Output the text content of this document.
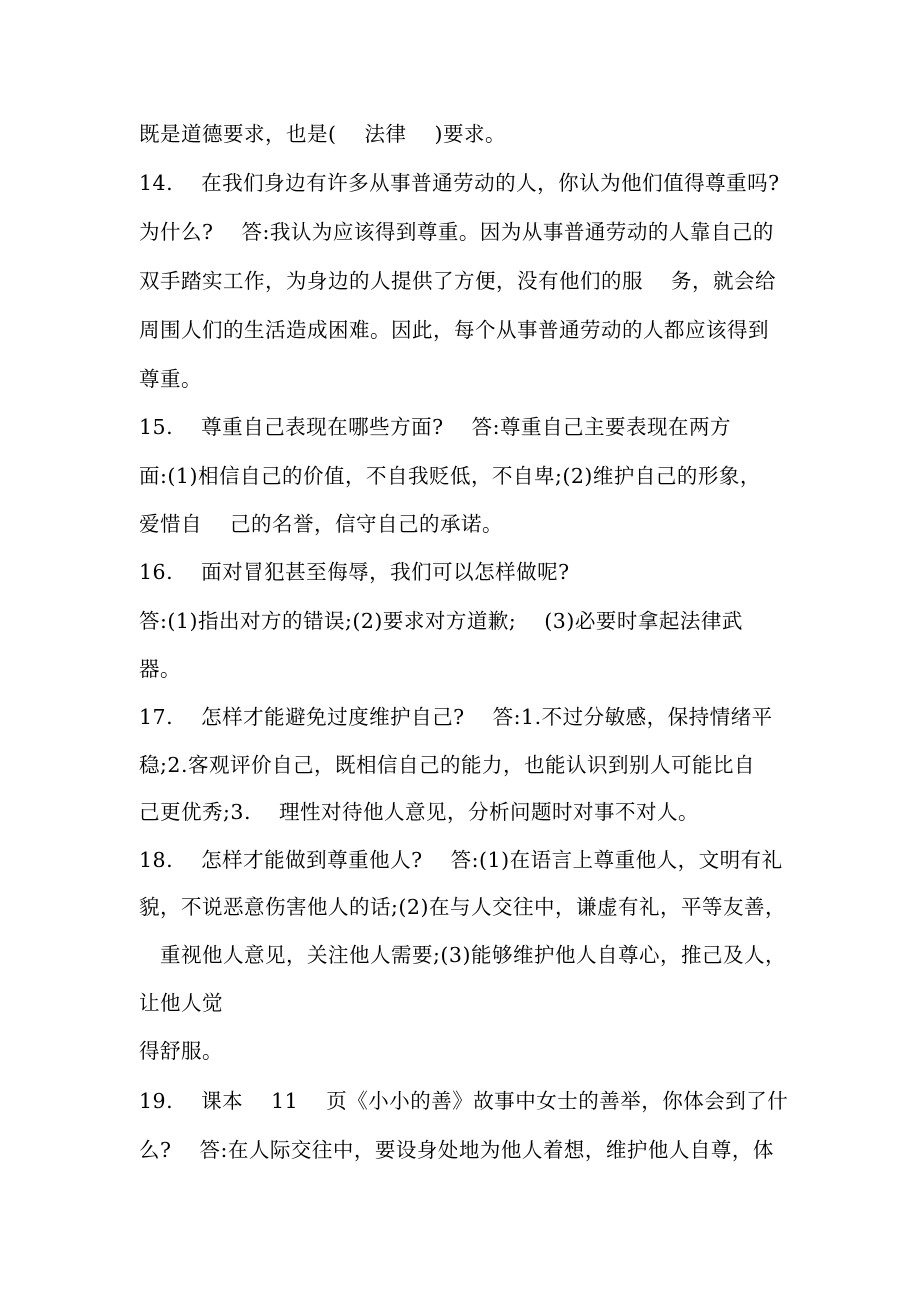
既是道德要求，也是(　 法律　 )要求。
14.　 在我们身边有许多从事普通劳动的人，你认为他们值得尊重吗?
为什么?　 答:我认为应该得到尊重。因为从事普通劳动的人靠自己的
双手踏实工作，为身边的人提供了方便，没有他们的服　 务，就会给
周围人们的生活造成困难。因此，每个从事普通劳动的人都应该得到
尊重。
15.　 尊重自己表现在哪些方面?　 答:尊重自己主要表现在两方
面:(1)相信自己的价值，不自我贬低，不自卑;(2)维护自己的形象，
爱惜自　 己的名誉，信守自己的承诺。
16.　 面对冒犯甚至侮辱，我们可以怎样做呢?
答:(1)指出对方的错误;(2)要求对方道歉;　 (3)必要时拿起法律武
器。
17.　 怎样才能避免过度维护自己?　 答:1.不过分敏感，保持情绪平
稳;2.客观评价自己，既相信自己的能力，也能认识到别人可能比自
己更优秀;3.　 理性对待他人意见，分析问题时对事不对人。
18.　 怎样才能做到尊重他人?　 答:(1)在语言上尊重他人，文明有礼
貌，不说恶意伤害他人的话;(2)在与人交往中，谦虚有礼，平等友善，
　重视他人意见，关注他人需要;(3)能够维护他人自尊心，推己及人，
让他人觉
得舒服。
19.　 课本　 11　 页《小小的善》故事中女士的善举，你体会到了什
么?　 答:在人际交往中，要设身处地为他人着想，维护他人自尊，体
